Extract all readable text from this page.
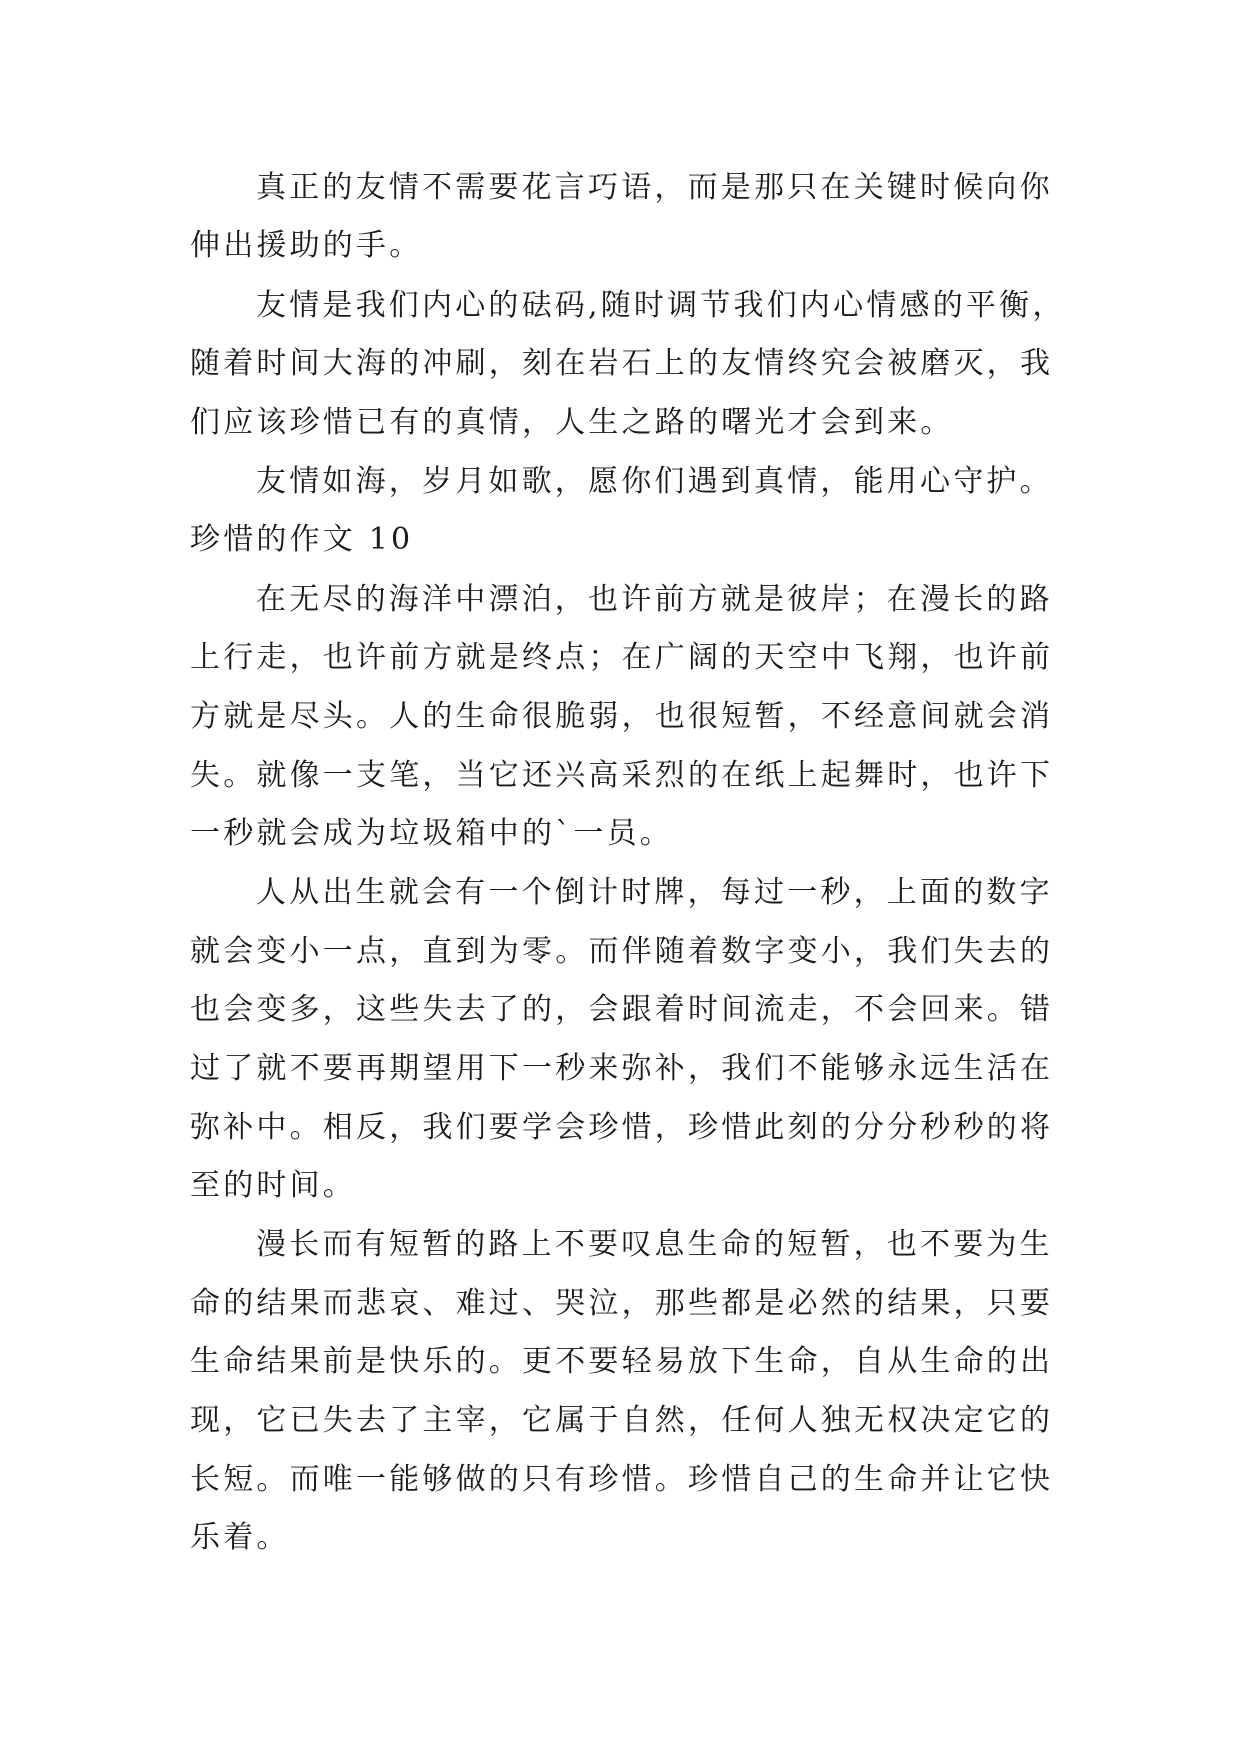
真正的友情不需要花言巧语，而是那只在关键时候向你
伸出援助的手。
友情是我们内心的砝码,随时调节我们内心情感的平衡，
随着时间大海的冲刷，刻在岩石上的友情终究会被磨灭，我
们应该珍惜已有的真情，人生之路的曙光才会到来。
友情如海，岁月如歌，愿你们遇到真情，能用心守护。
珍惜的作文 10
在无尽的海洋中漂泊，也许前方就是彼岸；在漫长的路
上行走，也许前方就是终点；在广阔的天空中飞翔，也许前
方就是尽头。人的生命很脆弱，也很短暂，不经意间就会消
失。就像一支笔，当它还兴高采烈的在纸上起舞时，也许下
一秒就会成为垃圾箱中的`一员。
人从出生就会有一个倒计时牌，每过一秒，上面的数字
就会变小一点，直到为零。而伴随着数字变小，我们失去的
也会变多，这些失去了的，会跟着时间流走，不会回来。错
过了就不要再期望用下一秒来弥补，我们不能够永远生活在
弥补中。相反，我们要学会珍惜，珍惜此刻的分分秒秒的将
至的时间。
漫长而有短暂的路上不要叹息生命的短暂，也不要为生
命的结果而悲哀、难过、哭泣，那些都是必然的结果，只要
生命结果前是快乐的。更不要轻易放下生命，自从生命的出
现，它已失去了主宰，它属于自然，任何人独无权决定它的
长短。而唯一能够做的只有珍惜。珍惜自己的生命并让它快
乐着。
